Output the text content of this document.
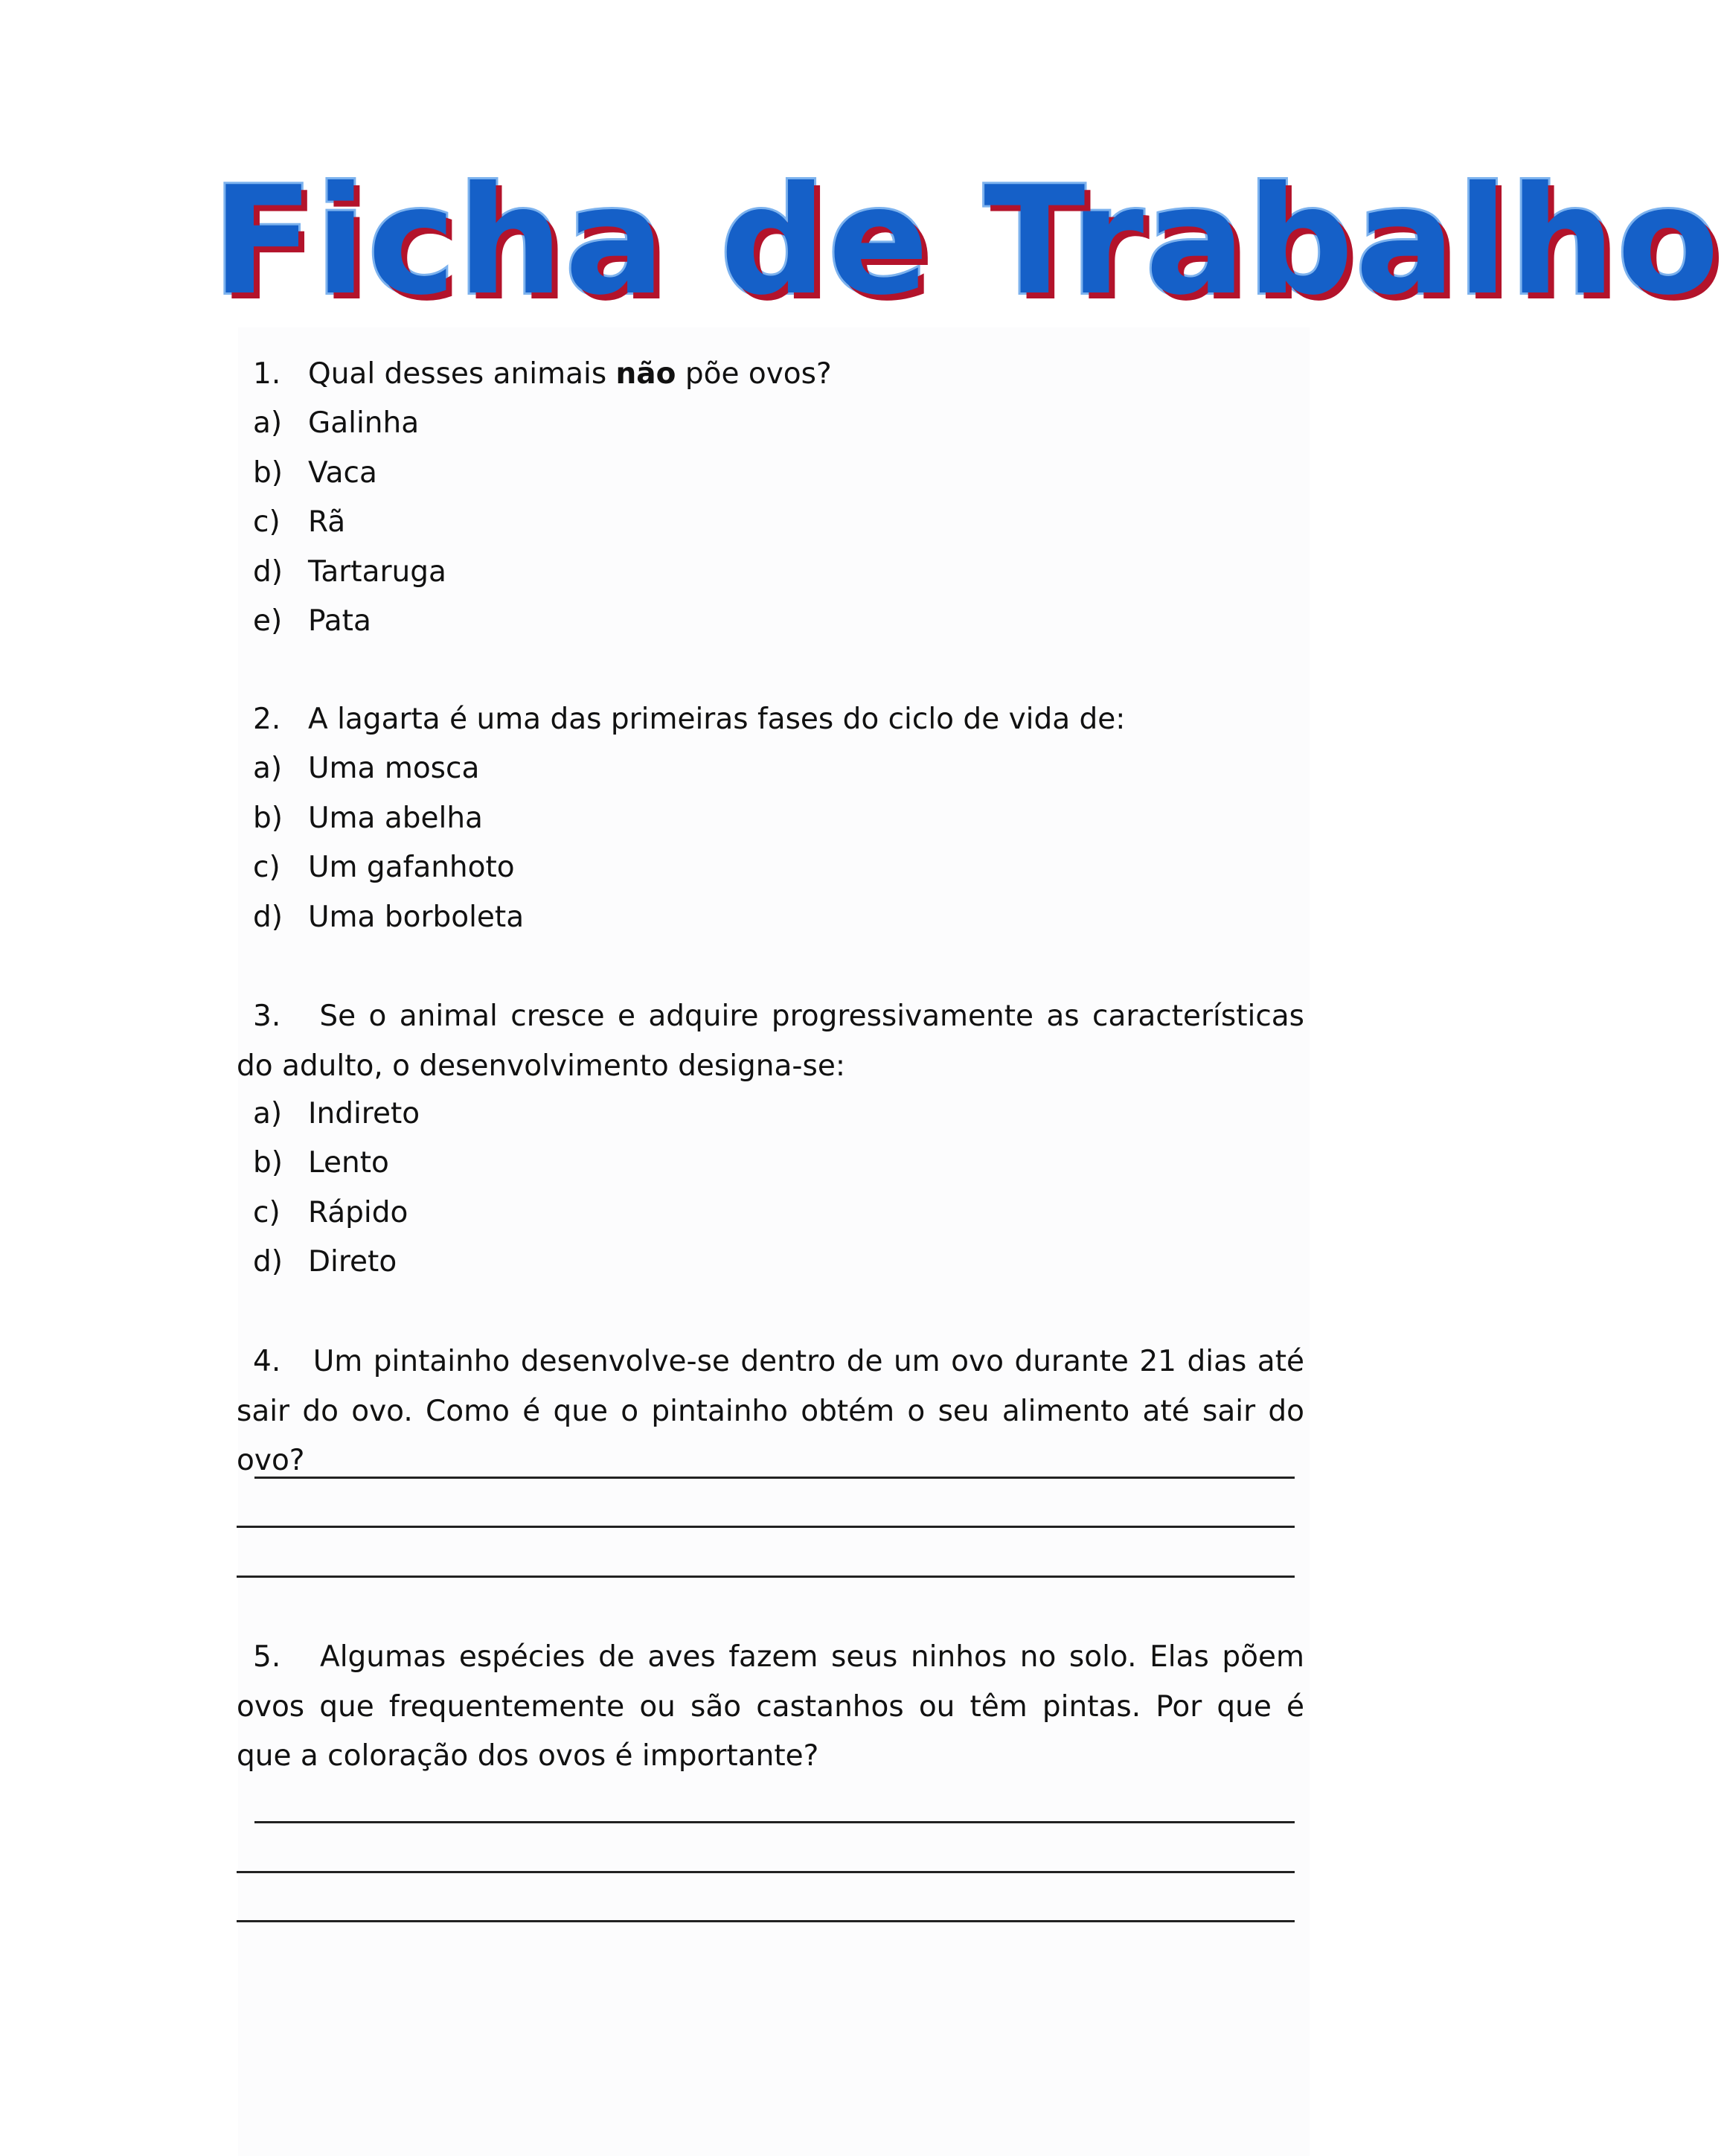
Ficha de Trabalho
1. Qual desses animais não põe ovos?
a) Galinha
b) Vaca
c) Rã
d) Tartaruga
e) Pata
2. A lagarta é uma das primeiras fases do ciclo de vida de:
a) Uma mosca
b) Uma abelha
c) Um gafanhoto
d) Uma borboleta
3. Se o animal cresce e adquire progressivamente as características do adulto, o desenvolvimento designa-se:
a) Indireto
b) Lento
c) Rápido
d) Direto
4. Um pintainho desenvolve-se dentro de um ovo durante 21 dias até sair do ovo. Como é que o pintainho obtém o seu alimento até sair do ovo?
5. Algumas espécies de aves fazem seus ninhos no solo. Elas põem ovos que frequentemente ou são castanhos ou têm pintas. Por que é que a coloração dos ovos é importante?
